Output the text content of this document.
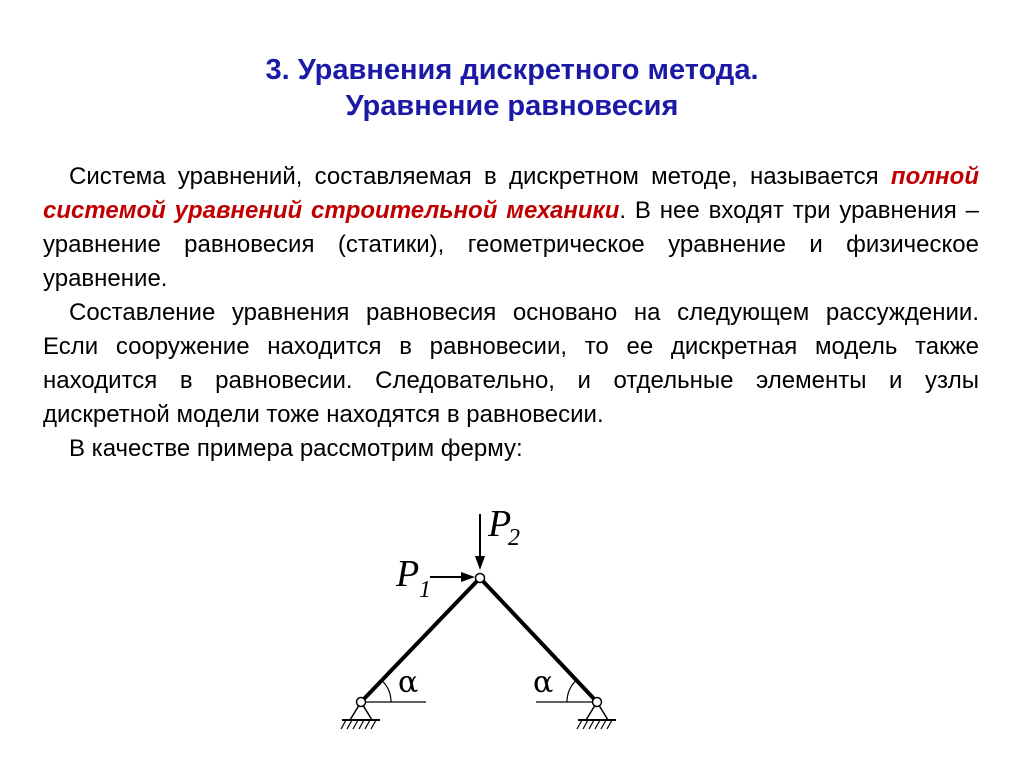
3. Уравнения дискретного метода.
Уравнение равновесия

Система уравнений, составляемая в дискретном методе, называется полной системой уравнений строительной механики. В нее входят три уравнения – уравнение равновесия (статики), геометрическое уравнение и физическое уравнение.

Составление уравнения равновесия основано на следующем рассуждении. Если сооружение находится в равновесии, то ее дискретная модель также находится в равновесии. Следовательно, и отдельные элементы и узлы дискретной модели тоже находятся в равновесии.

В качестве примера рассмотрим ферму:

P 1
P
2
α	α
